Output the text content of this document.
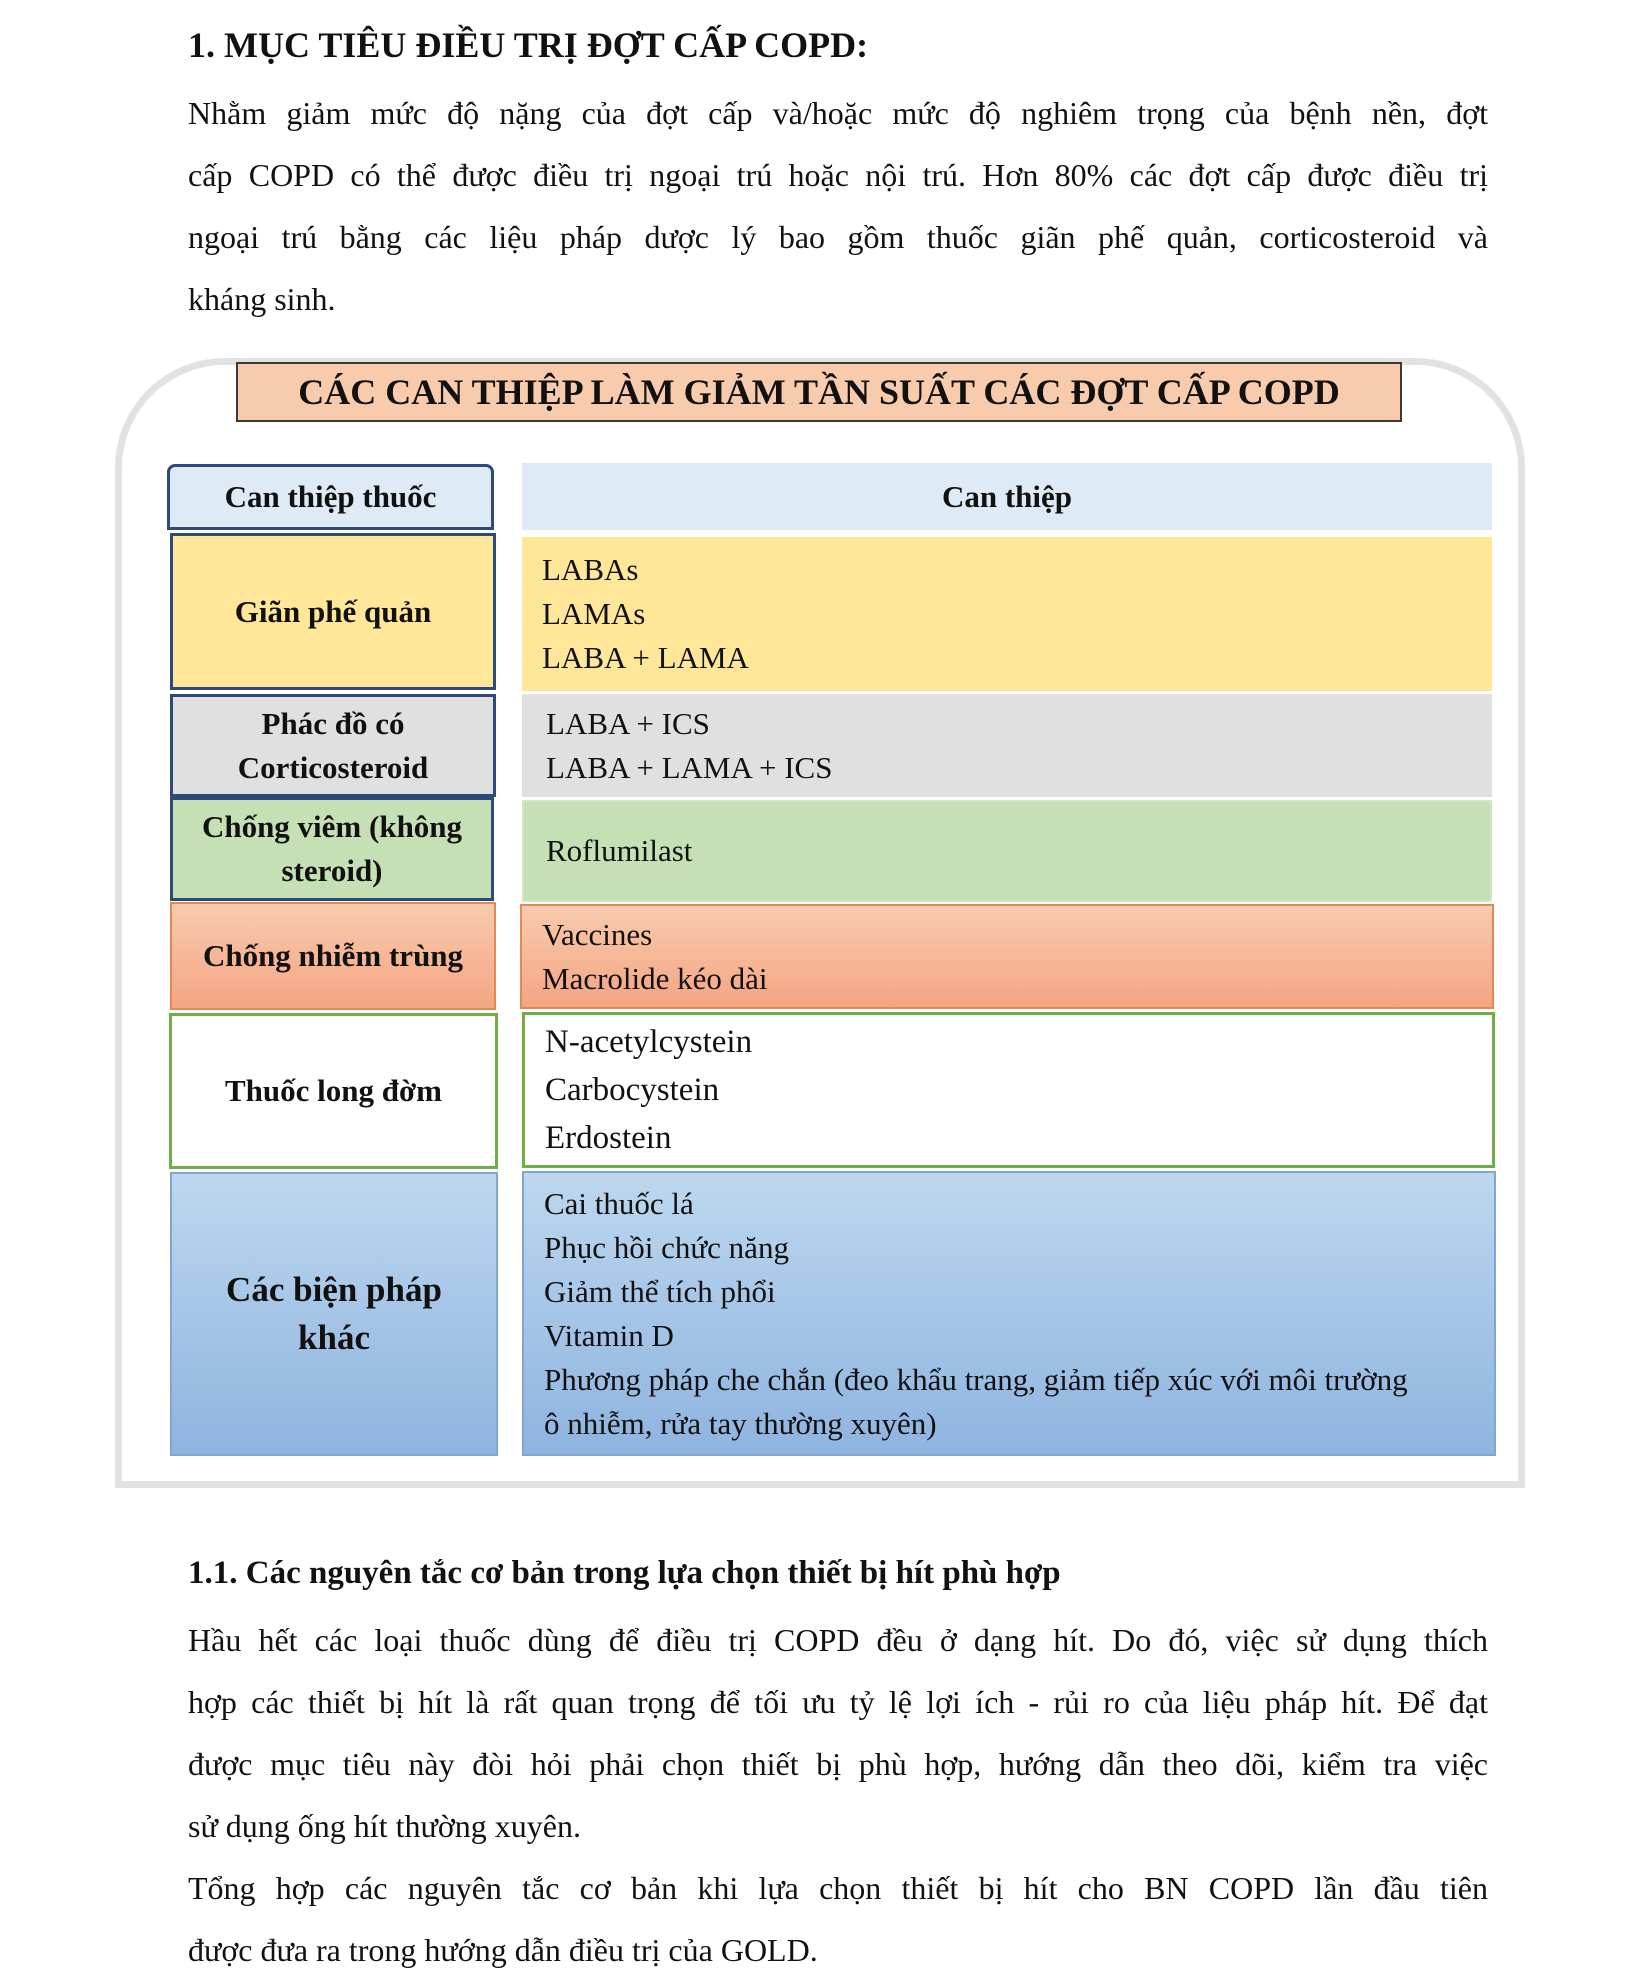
1. MỤC TIÊU ĐIỀU TRỊ ĐỢT CẤP COPD:
Nhằm giảm mức độ nặng của đợt cấp và/hoặc mức độ nghiêm trọng của bệnh nền, đợt
cấp COPD có thể được điều trị ngoại trú hoặc nội trú. Hơn 80% các đợt cấp được điều trị
ngoại trú bằng các liệu pháp dược lý bao gồm thuốc giãn phế quản, corticosteroid và
kháng sinh.
CÁC CAN THIỆP LÀM GIẢM TẦN SUẤT CÁC ĐỢT CẤP COPD
Can thiệp thuốc	Can thiệp
Giãn phế quản
Phác đồ có Corticosteroid
Chống viêm (không steroid)
Chống nhiễm trùng
Thuốc long đờm
Các biện pháp khác
LABAs
LAMAs
LABA + LAMA
LABA + ICS
LABA + LAMA + ICS
Roflumilast
Vaccines
Macrolide kéo dài
N-acetylcystein
Carbocystein
Erdostein
Cai thuốc lá
Phục hồi chức năng
Giảm thể tích phổi
Vitamin D
Phương pháp che chắn (đeo khẩu trang, giảm tiếp xúc với môi trường
ô nhiễm, rửa tay thường xuyên)
1.1. Các nguyên tắc cơ bản trong lựa chọn thiết bị hít phù hợp
Hầu hết các loại thuốc dùng để điều trị COPD đều ở dạng hít. Do đó, việc sử dụng thích
hợp các thiết bị hít là rất quan trọng để tối ưu tỷ lệ lợi ích - rủi ro của liệu pháp hít. Để đạt
được mục tiêu này đòi hỏi phải chọn thiết bị phù hợp, hướng dẫn theo dõi, kiểm tra việc
sử dụng ống hít thường xuyên.
Tổng hợp các nguyên tắc cơ bản khi lựa chọn thiết bị hít cho BN COPD lần đầu tiên
được đưa ra trong hướng dẫn điều trị của GOLD.
